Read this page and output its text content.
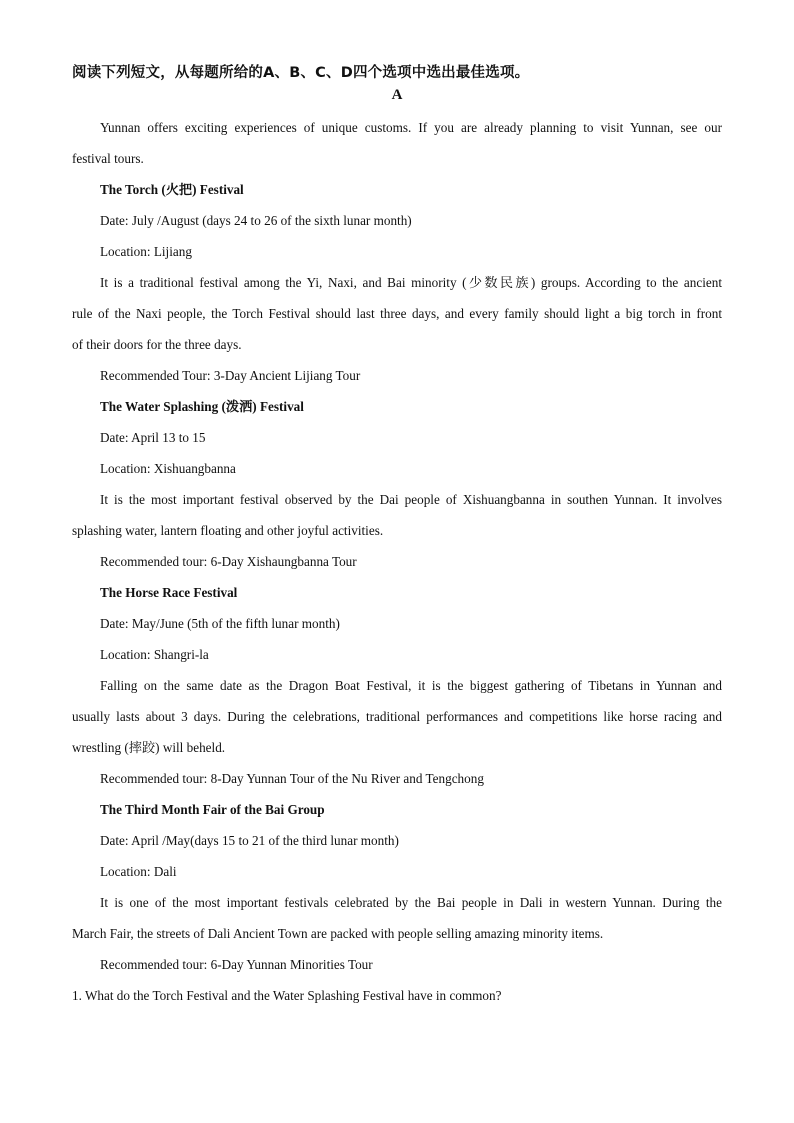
阅读下列短文，从每题所给的A、B、C、D四个选项中选出最佳选项。

A

Yunnan offers exciting experiences of unique customs. If you are already planning to visit Yunnan, see our

festival tours.

The Torch (火把) Festival

Date: July /August (days 24 to 26 of the sixth lunar month)

Location: Lijiang

It is a traditional festival among the Yi, Naxi, and Bai minority (少数民族) groups. According to the ancient

rule of the Naxi people, the Torch Festival should last three days, and every family should light a big torch in front

of their doors for the three days.

Recommended Tour: 3-Day Ancient Lijiang Tour

The Water Splashing (泼洒) Festival

Date: April 13 to 15

Location: Xishuangbanna

It is the most important festival observed by the Dai people of Xishuangbanna in southen Yunnan. It involves

splashing water, lantern floating and other joyful activities.

Recommended tour: 6-Day Xishaungbanna Tour

The Horse Race Festival

Date: May/June (5th of the fifth lunar month)

Location: Shangri-la

Falling on the same date as the Dragon Boat Festival, it is the biggest gathering of Tibetans in Yunnan and

usually lasts about 3 days. During the celebrations, traditional performances and competitions like horse racing and

wrestling (摔跤) will beheld.

Recommended tour: 8-Day Yunnan Tour of the Nu River and Tengchong

The Third Month Fair of the Bai Group

Date: April /May(days 15 to 21 of the third lunar month)

Location: Dali

It is one of the most important festivals celebrated by the Bai people in Dali in western Yunnan. During the

March Fair, the streets of Dali Ancient Town are packed with people selling amazing minority items.

Recommended tour: 6-Day Yunnan Minorities Tour

1. What do the Torch Festival and the Water Splashing Festival have in common?
